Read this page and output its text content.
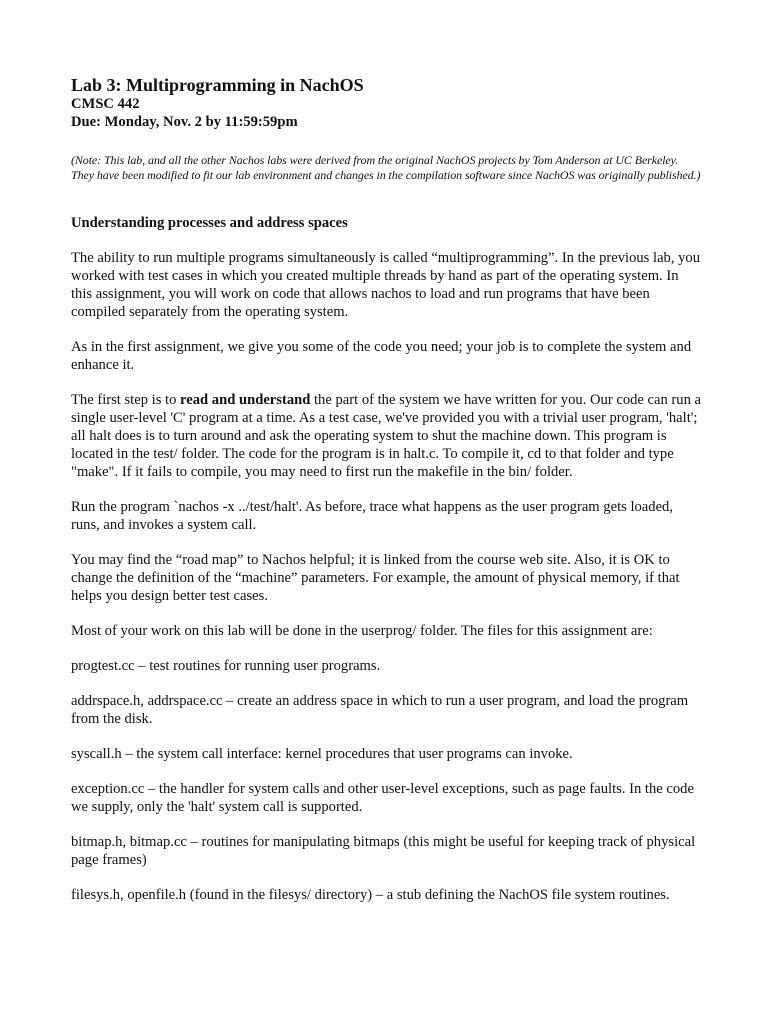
Lab 3: Multiprogramming in NachOS
CMSC 442
Due: Monday, Nov. 2 by 11:59:59pm

(Note: This lab, and all the other Nachos labs were derived from the original NachOS projects by Tom Anderson at UC Berkeley. They have been modified to fit our lab environment and changes in the compilation software since NachOS was originally published.)

Understanding processes and address spaces

The ability to run multiple programs simultaneously is called “multiprogramming”. In the previous lab, you worked with test cases in which you created multiple threads by hand as part of the operating system. In this assignment, you will work on code that allows nachos to load and run programs that have been compiled separately from the operating system.

As in the first assignment, we give you some of the code you need; your job is to complete the system and enhance it.

The first step is to read and understand the part of the system we have written for you. Our code can run a single user-level 'C' program at a time. As a test case, we've provided you with a trivial user program, 'halt'; all halt does is to turn around and ask the operating system to shut the machine down. This program is located in the test/ folder. The code for the program is in halt.c. To compile it, cd to that folder and type "make". If it fails to compile, you may need to first run the makefile in the bin/ folder.

Run the program `nachos -x ../test/halt'. As before, trace what happens as the user program gets loaded, runs, and invokes a system call.

You may find the “road map” to Nachos helpful; it is linked from the course web site. Also, it is OK to change the definition of the “machine” parameters. For example, the amount of physical memory, if that helps you design better test cases.

Most of your work on this lab will be done in the userprog/ folder. The files for this assignment are:

progtest.cc – test routines for running user programs.

addrspace.h, addrspace.cc – create an address space in which to run a user program, and load the program from the disk.

syscall.h – the system call interface: kernel procedures that user programs can invoke.

exception.cc – the handler for system calls and other user-level exceptions, such as page faults. In the code we supply, only the 'halt' system call is supported.

bitmap.h, bitmap.cc – routines for manipulating bitmaps (this might be useful for keeping track of physical page frames)

filesys.h, openfile.h (found in the filesys/ directory) – a stub defining the NachOS file system routines.
